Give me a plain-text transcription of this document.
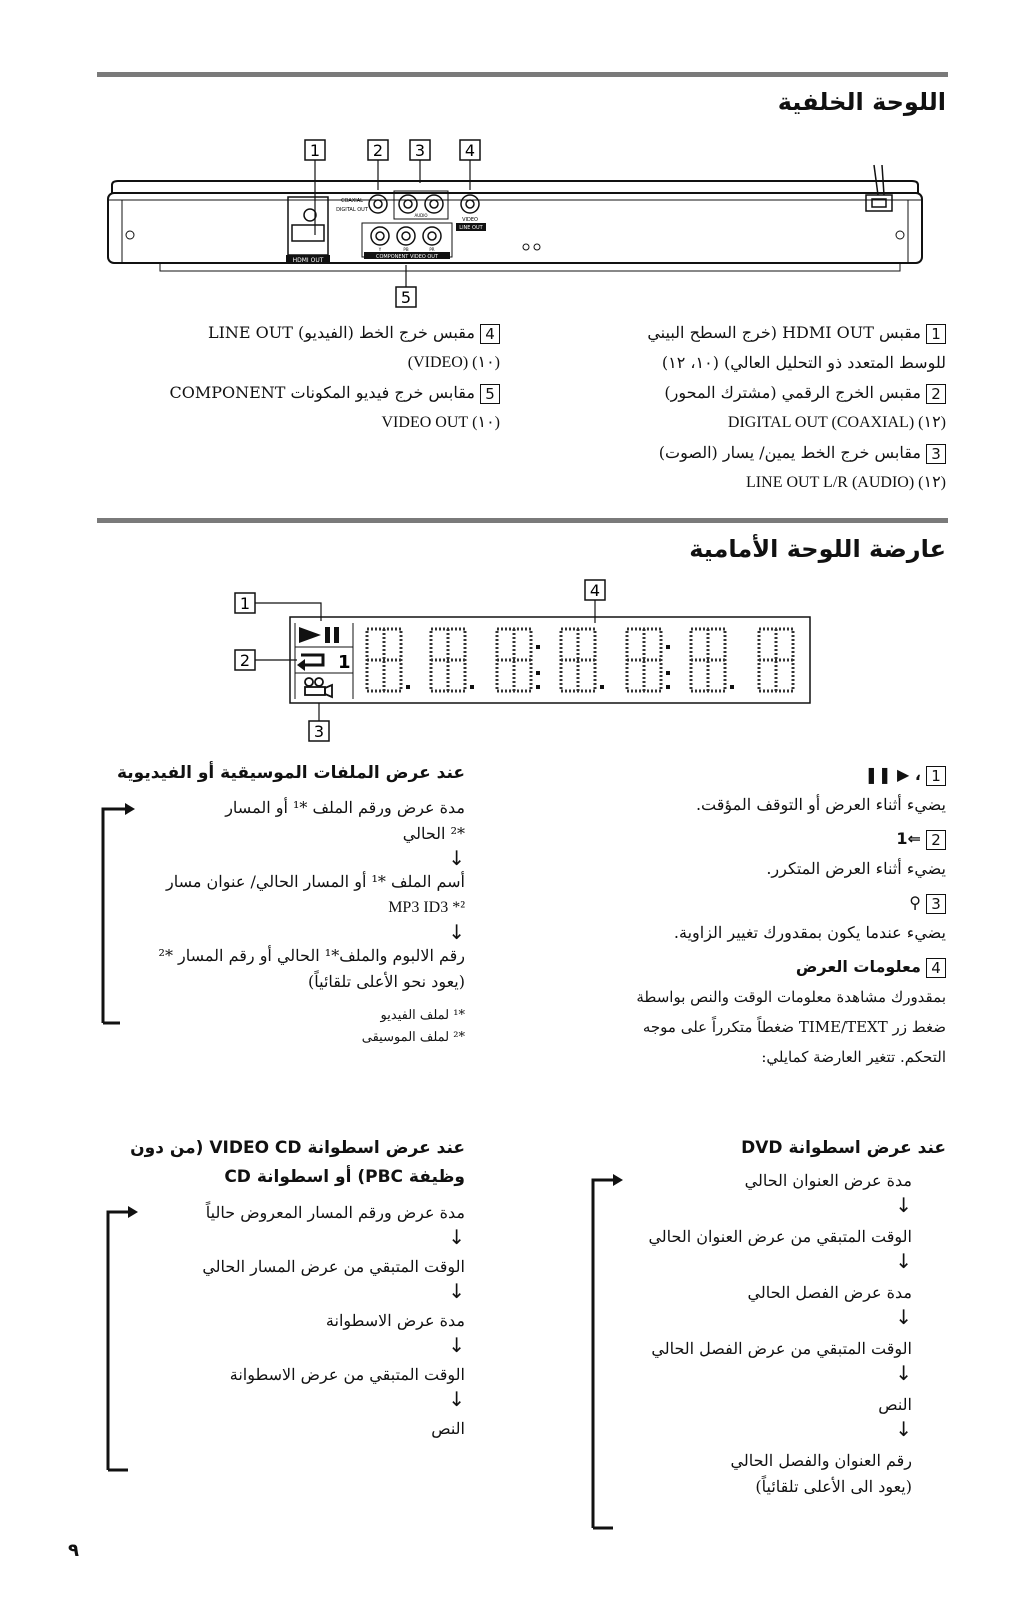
اللوحة الخلفية
1	2 3 4
5
HDMI OUT
COAXIAL
DIGITAL OUT
AUDIO
VIDEO
LINE OUT
Y	PB	PR
COMPONENT VIDEO OUT
1 مقبس HDMI OUT (خرج السطح البيني
للوسط المتعدد ذو التحليل العالي) (١٠، ١٢)
2 مقبس الخرج الرقمي (مشترك المحور)
(١٢) DIGITAL OUT (COAXIAL)
3 مقابس خرج الخط يمين/ يسار (الصوت)
(١٢) LINE OUT L/R (AUDIO)
4 مقبس خرج الخط (الفيديو) LINE OUT
(١٠) (VIDEO)
5 مقابس خرج فيديو المكونات COMPONENT
(١٠) VIDEO OUT
عارضة اللوحة الأمامية
1
2
3
4
1
1 ، ▶ ❚❚
يضيء أثناء العرض أو التوقف المؤقت.
2 ⇐1
يضيء أثناء العرض المتكرر.
3 ⚲
يضيء عندما يكون بمقدورك تغيير الزاوية.
4 معلومات العرض
بمقدورك مشاهدة معلومات الوقت والنص بواسطة
ضغط زر TIME/TEXT ضغطاً متكرراً على موجه
التحكم. تتغير العارضة كمايلي:
عند عرض الملفات الموسيقية أو الفيديوية
مدة عرض ورقم الملف *¹ أو المسار
*² الحالي
↓
أسم الملف *¹ أو المسار الحالي/ عنوان مسار
²* MP3 ID3
↓
رقم الالبوم والملف*¹ الحالي أو رقم المسار *²
(يعود نحو الأعلى تلقائياً)
*¹ لملف الفيديو
*² لملف الموسيقى
عند عرض اسطوانة VIDEO CD (من دون
وظيفة PBC) أو اسطوانة CD
مدة عرض ورقم المسار المعروض حالياً
↓
الوقت المتبقي من عرض المسار الحالي
↓
مدة عرض الاسطوانة
↓
الوقت المتبقي من عرض الاسطوانة
↓
النص
عند عرض اسطوانة DVD
مدة عرض العنوان الحالي
↓
الوقت المتبقي من عرض العنوان الحالي
↓
مدة عرض الفصل الحالي
↓
الوقت المتبقي من عرض الفصل الحالي
↓
النص
↓
رقم العنوان والفصل الحالي
(يعود الى الأعلى تلقائياً)
٩
